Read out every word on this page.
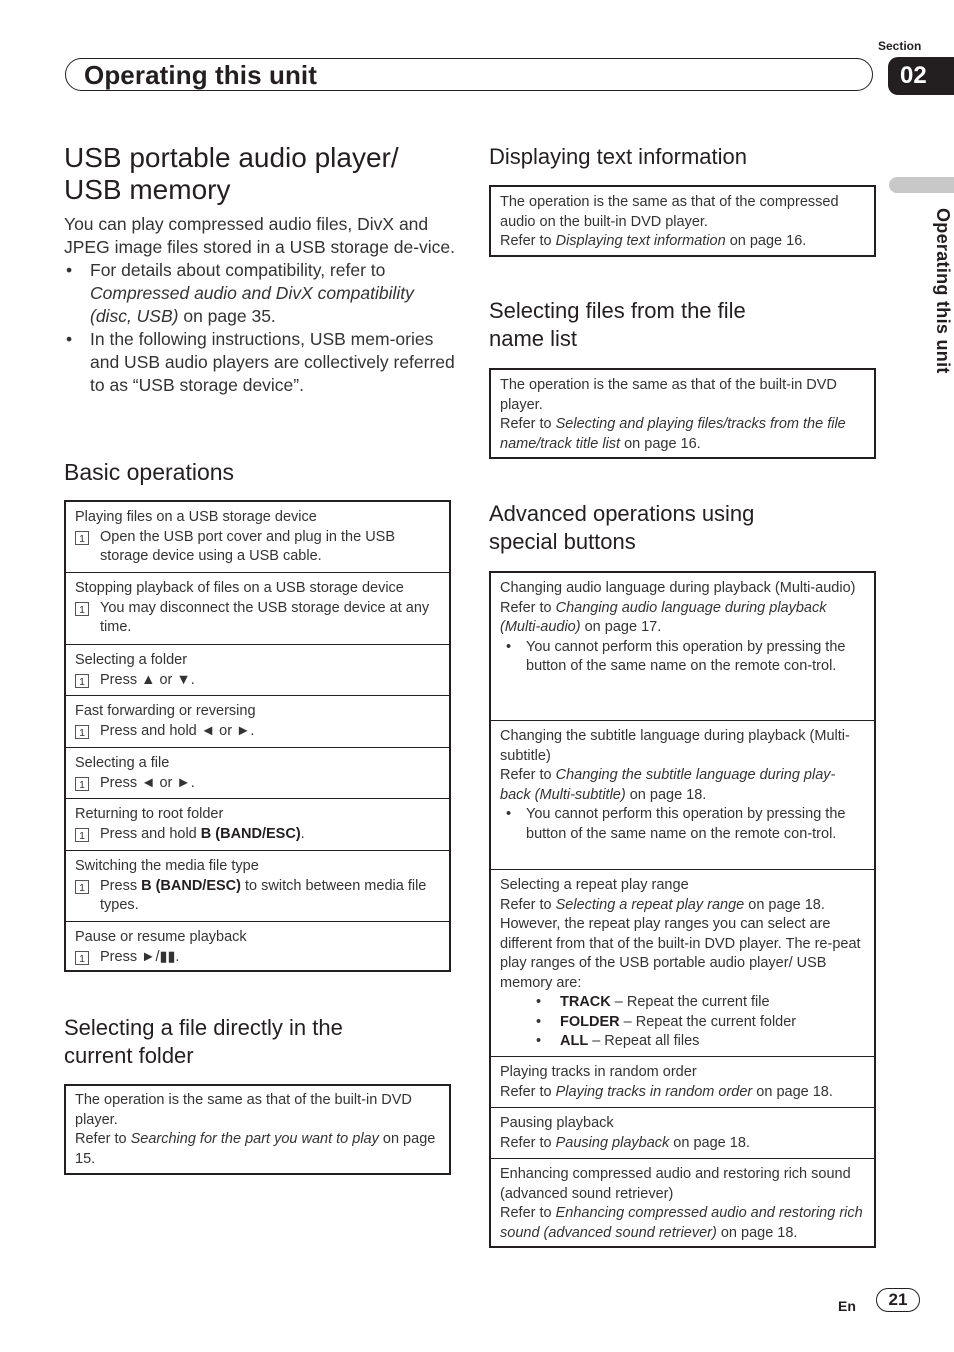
Section
Operating this unit	02
Operating this unit
USB portable audio player/
USB memory

You can play compressed audio files, DivX and JPEG image files stored in a USB storage de-vice.

•	For details about compatibility, refer to Compressed audio and DivX compatibility (disc, USB) on page 35.
•	In the following instructions, USB mem-ories and USB audio players are collectively referred to as “USB storage device”.
Basic operations
Playing files on a USB storage device
1 Open the USB port cover and plug in the USB storage device using a USB cable.
Stopping playback of files on a USB storage device
1 You may disconnect the USB storage device at any time.
Selecting a folder
1 Press ▲ or ▼.
Fast forwarding or reversing
1 Press and hold ◄ or ►.
Selecting a file
1 Press ◄ or ►.
Returning to root folder
1 Press and hold B (BAND/ESC).
Switching the media file type
1 Press B (BAND/ESC) to switch between media file types.
Pause or resume playback
1 Press ►/▮▮.
Selecting a file directly in the
current folder
The operation is the same as that of the built-in DVD player.
Refer to Searching for the part you want to play on page 15.
Displaying text information
The operation is the same as that of the compressed audio on the built-in DVD player.
Refer to Displaying text information on page 16.
Selecting files from the file
name list
The operation is the same as that of the built-in DVD player.
Refer to Selecting and playing files/tracks from the file name/track title list on page 16.
Advanced operations using
special buttons
Changing audio language during playback (Multi-audio)
Refer to Changing audio language during playback (Multi-audio) on page 17.
•	You cannot perform this operation by pressing the button of the same name on the remote con-trol.
Changing the subtitle language during playback (Multi-subtitle)
Refer to Changing the subtitle language during play-back (Multi-subtitle) on page 18.
•	You cannot perform this operation by pressing the button of the same name on the remote con-trol.
Selecting a repeat play range
Refer to Selecting a repeat play range on page 18.
However, the repeat play ranges you can select are different from that of the built-in DVD player. The re-peat play ranges of the USB portable audio player/ USB memory are:
•	TRACK – Repeat the current file
•	FOLDER – Repeat the current folder
•	ALL – Repeat all files
Playing tracks in random order
Refer to Playing tracks in random order on page 18.
Pausing playback
Refer to Pausing playback on page 18.
Enhancing compressed audio and restoring rich sound (advanced sound retriever)
Refer to Enhancing compressed audio and restoring rich sound (advanced sound retriever) on page 18.
En	21
